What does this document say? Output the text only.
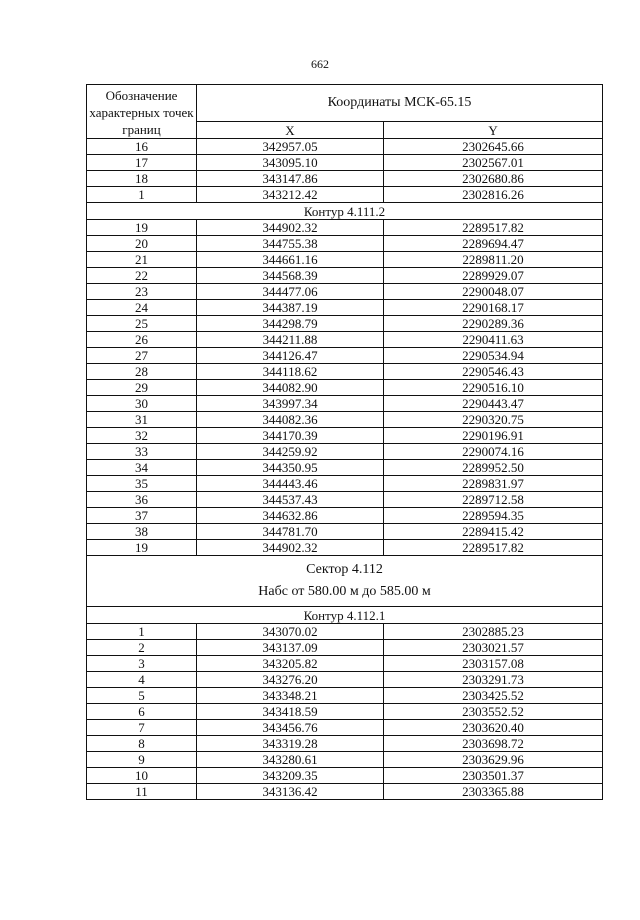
662
Обозначение характерных точек границ	Координаты МСК-65.15	
	X	Y
16	342957.05	2302645.66
17	343095.10	2302567.01
18	343147.86	2302680.86
1	343212.42	2302816.26
Контур 4.111.2		
19	344902.32	2289517.82
20	344755.38	2289694.47
21	344661.16	2289811.20
22	344568.39	2289929.07
23	344477.06	2290048.07
24	344387.19	2290168.17
25	344298.79	2290289.36
26	344211.88	2290411.63
27	344126.47	2290534.94
28	344118.62	2290546.43
29	344082.90	2290516.10
30	343997.34	2290443.47
31	344082.36	2290320.75
32	344170.39	2290196.91
33	344259.92	2290074.16
34	344350.95	2289952.50
35	344443.46	2289831.97
36	344537.43	2289712.58
37	344632.86	2289594.35
38	344781.70	2289415.42
19	344902.32	2289517.82

Сектор 4.112
Набс от 580.00 м до 585.00 м		

Контур 4.112.1		
1	343070.02	2302885.23
2	343137.09	2303021.57
3	343205.82	2303157.08
4	343276.20	2303291.73
5	343348.21	2303425.52
6	343418.59	2303552.52
7	343456.76	2303620.40
8	343319.28	2303698.72
9	343280.61	2303629.96
10	343209.35	2303501.37
11	343136.42	2303365.88
